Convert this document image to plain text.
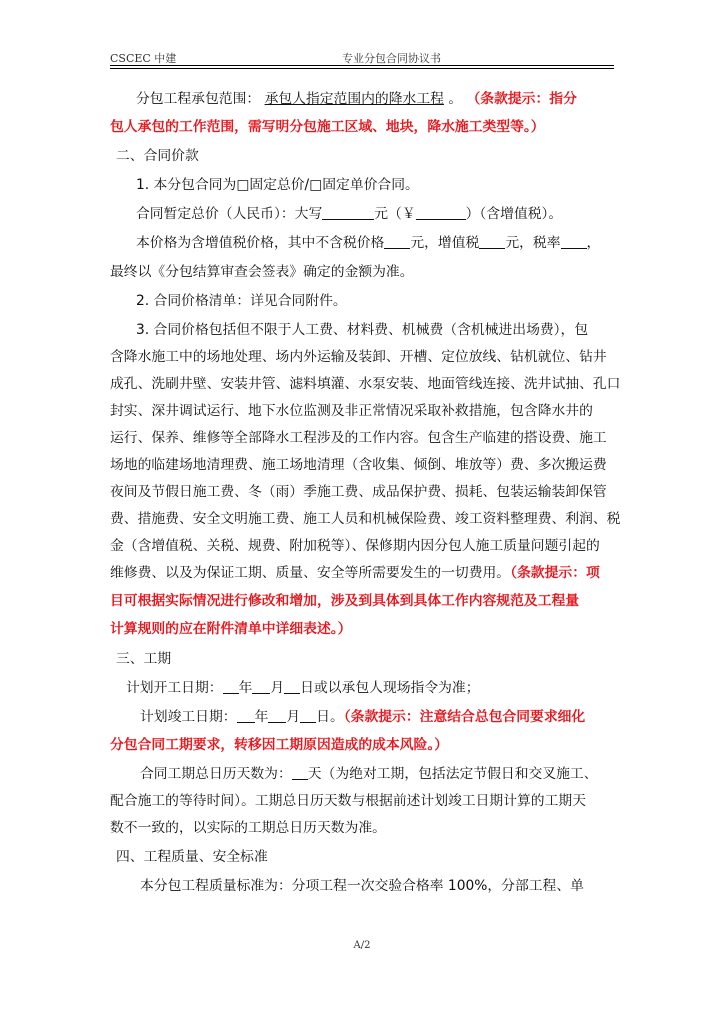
CSCEC 中建	专业分包合同协议书
分包工程承包范围： 承包人指定范围内的降水工程 。 （条款提示：指分
包人承包的工作范围，需写明分包施工区域、地块，降水施工类型等。）
二、合同价款
1. 本分包合同为□固定总价/□固定单价合同。
合同暂定总价（人民币）：大写	元（￥	）（含增值税）。
本价格为含增值税价格，其中不含税价格 元，增值税 元，税率 ，
最终以《分包结算审查会签表》确定的金额为准。
2. 合同价格清单：详见合同附件。
3. 合同价格包括但不限于人工费、材料费、机械费（含机械进出场费），包
含降水施工中的场地处理、场内外运输及装卸、开槽、定位放线、钻机就位、钻井
成孔、洗刷井壁、安装井管、滤料填灌、水泵安装、地面管线连接、洗井试抽、孔口
封实、深井调试运行、地下水位监测及非正常情况采取补救措施，包含降水井的
运行、保养、维修等全部降水工程涉及的工作内容。包含生产临建的搭设费、施工
场地的临建场地清理费、施工场地清理（含收集、倾倒、堆放等）费、多次搬运费
夜间及节假日施工费、冬（雨）季施工费、成品保护费、损耗、包装运输装卸保管
费、措施费、安全文明施工费、施工人员和机械保险费、竣工资料整理费、利润、税
金（含增值税、关税、规费、附加税等）、保修期内因分包人施工质量问题引起的
维修费、以及为保证工期、质量、安全等所需要发生的一切费用。（条款提示：项
目可根据实际情况进行修改和增加，涉及到具体到具体工作内容规范及工程量
计算规则的应在附件清单中详细表述。）
三、工期
计划开工日期： 年 月 日或以承包人现场指令为准；
计划竣工日期： 年 月 日。（条款提示：注意结合总包合同要求细化
分包合同工期要求，转移因工期原因造成的成本风险。）
合同工期总日历天数为： 天（为绝对工期，包括法定节假日和交叉施工、
配合施工的等待时间）。工期总日历天数与根据前述计划竣工日期计算的工期天
数不一致的，以实际的工期总日历天数为准。
四、工程质量、安全标准
本分包工程质量标准为：分项工程一次交验合格率 100%，分部工程、单
A/2
